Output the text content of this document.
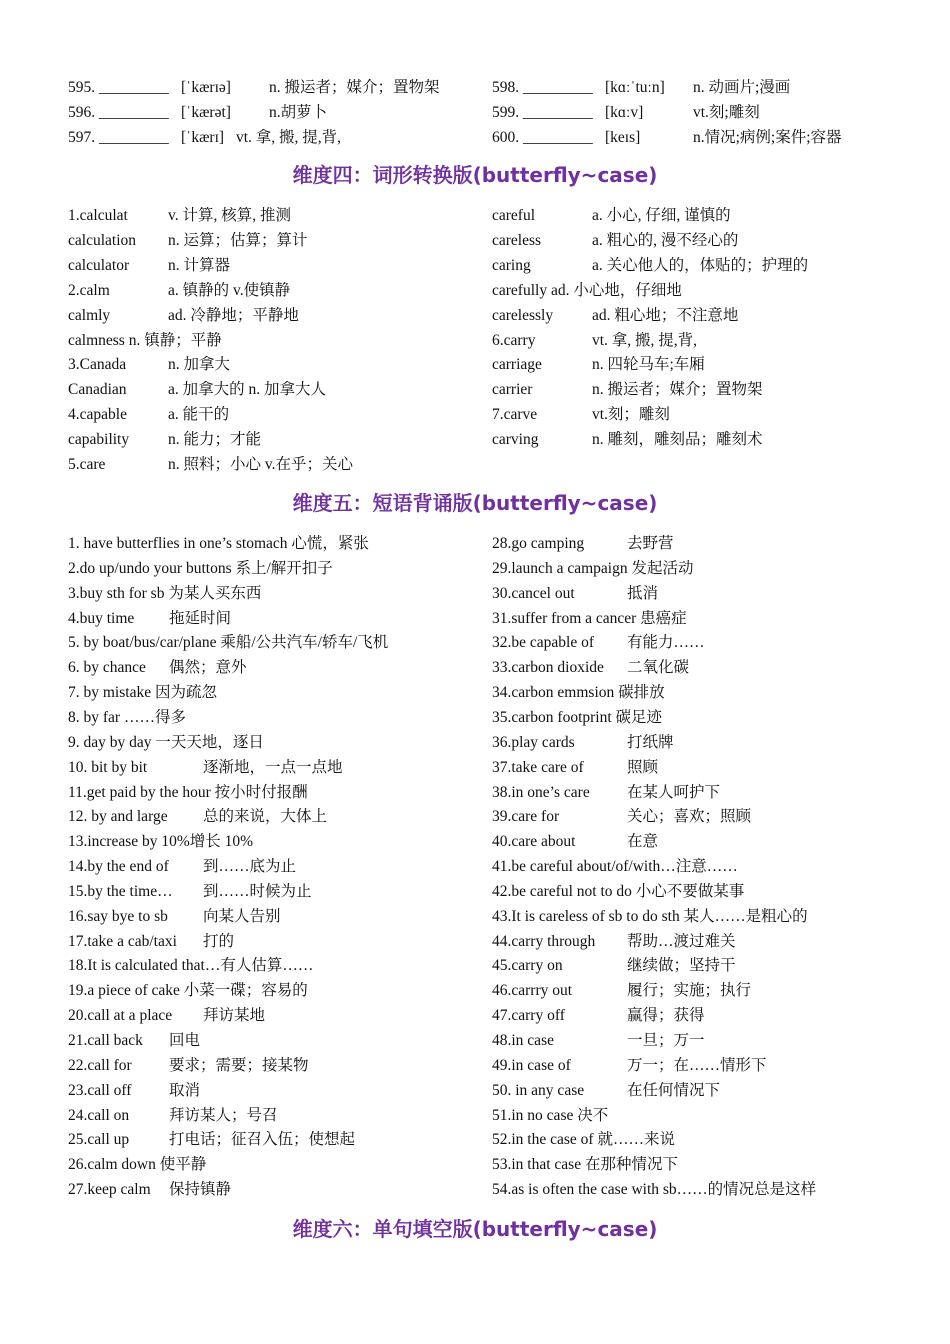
595. _________ [ˈkærɪə] n. 搬运者；媒介；置物架
596. _________ [ˈkærət] n.胡萝卜
597. _________ [ˈkærɪ] vt. 拿, 搬, 提,背,
598. _________ [kɑːˈtuːn] n. 动画片;漫画
599. _________ [kɑːv]	vt.刻;雕刻
600. _________ [keɪs]	n.情况;病例;案件;容器
维度四：词形转换版(butterfly~case)
1.calculat	v. 计算, 核算, 推测
calculation n. 运算；估算；算计
calculator	n. 计算器
2.calm	a. 镇静的 v.使镇静
calmly	ad. 冷静地；平静地
calmness n. 镇静；平静
3.Canada	n. 加拿大
Canadian	a. 加拿大的 n. 加拿大人
4.capable	a. 能干的
capability	n. 能力；才能
5.care	n. 照料；小心 v.在乎；关心
careful	a. 小心, 仔细, 谨慎的
careless	a. 粗心的, 漫不经心的
caring	a. 关心他人的，体贴的；护理的
carefully ad. 小心地，仔细地
carelessly	ad. 粗心地；不注意地
6.carry	vt. 拿, 搬, 提,背,
carriage	n. 四轮马车;车厢
carrier	n. 搬运者；媒介；置物架
7.carve	vt.刻；雕刻
carving	n. 雕刻，雕刻品；雕刻术
维度五：短语背诵版(butterfly~case)
1. have butterflies in one’s stomach 心慌，紧张
2.do up/undo your buttons 系上/解开扣子
3.buy sth for sb 为某人买东西
4.buy time 拖延时间
5. by boat/bus/car/plane 乘船/公共汽车/轿车/飞机
6. by chance 偶然；意外
7. by mistake 因为疏忽
8. by far ……得多
9. day by day 一天天地，逐日
10. bit by bit	逐渐地，一点一点地
11.get paid by the hour 按小时付报酬
12. by and large 总的来说，大体上
13.increase by 10%增长 10%
14.by the end of 到……底为止
15.by the time… 到……时候为止
16.say bye to sb 向某人告别
17.take a cab/taxi 打的
18.It is calculated that…有人估算……
19.a piece of cake 小菜一碟；容易的
20.call at a place 拜访某地
21.call back 回电
22.call for 要求；需要；接某物
23.call off 取消
24.call on	拜访某人；号召
25.call up	打电话；征召入伍；使想起
26.calm down 使平静
27.keep calm 保持镇静
28.go camping	去野营
29.launch a campaign 发起活动
30.cancel out	抵消
31.suffer from a cancer 患癌症
32.be capable of 有能力……
33.carbon dioxide 二氧化碳
34.carbon emmsion 碳排放
35.carbon footprint 碳足迹
36.play cards	打纸牌
37.take care of	照顾
38.in one’s care 在某人呵护下
39.care for	关心；喜欢；照顾
40.care about	在意
41.be careful about/of/with…注意……
42.be careful not to do 小心不要做某事
43.It is careless of sb to do sth 某人……是粗心的
44.carry through 帮助…渡过难关
45.carry on	继续做；坚持干
46.carrry out	履行；实施；执行
47.carry off	赢得；获得
48.in case	一旦；万一
49.in case of	万一；在……情形下
50. in any case	在任何情况下
51.in no case 决不
52.in the case of 就……来说
53.in that case 在那种情况下
54.as is often the case with sb……的情况总是这样
维度六：单句填空版(butterfly~case)
